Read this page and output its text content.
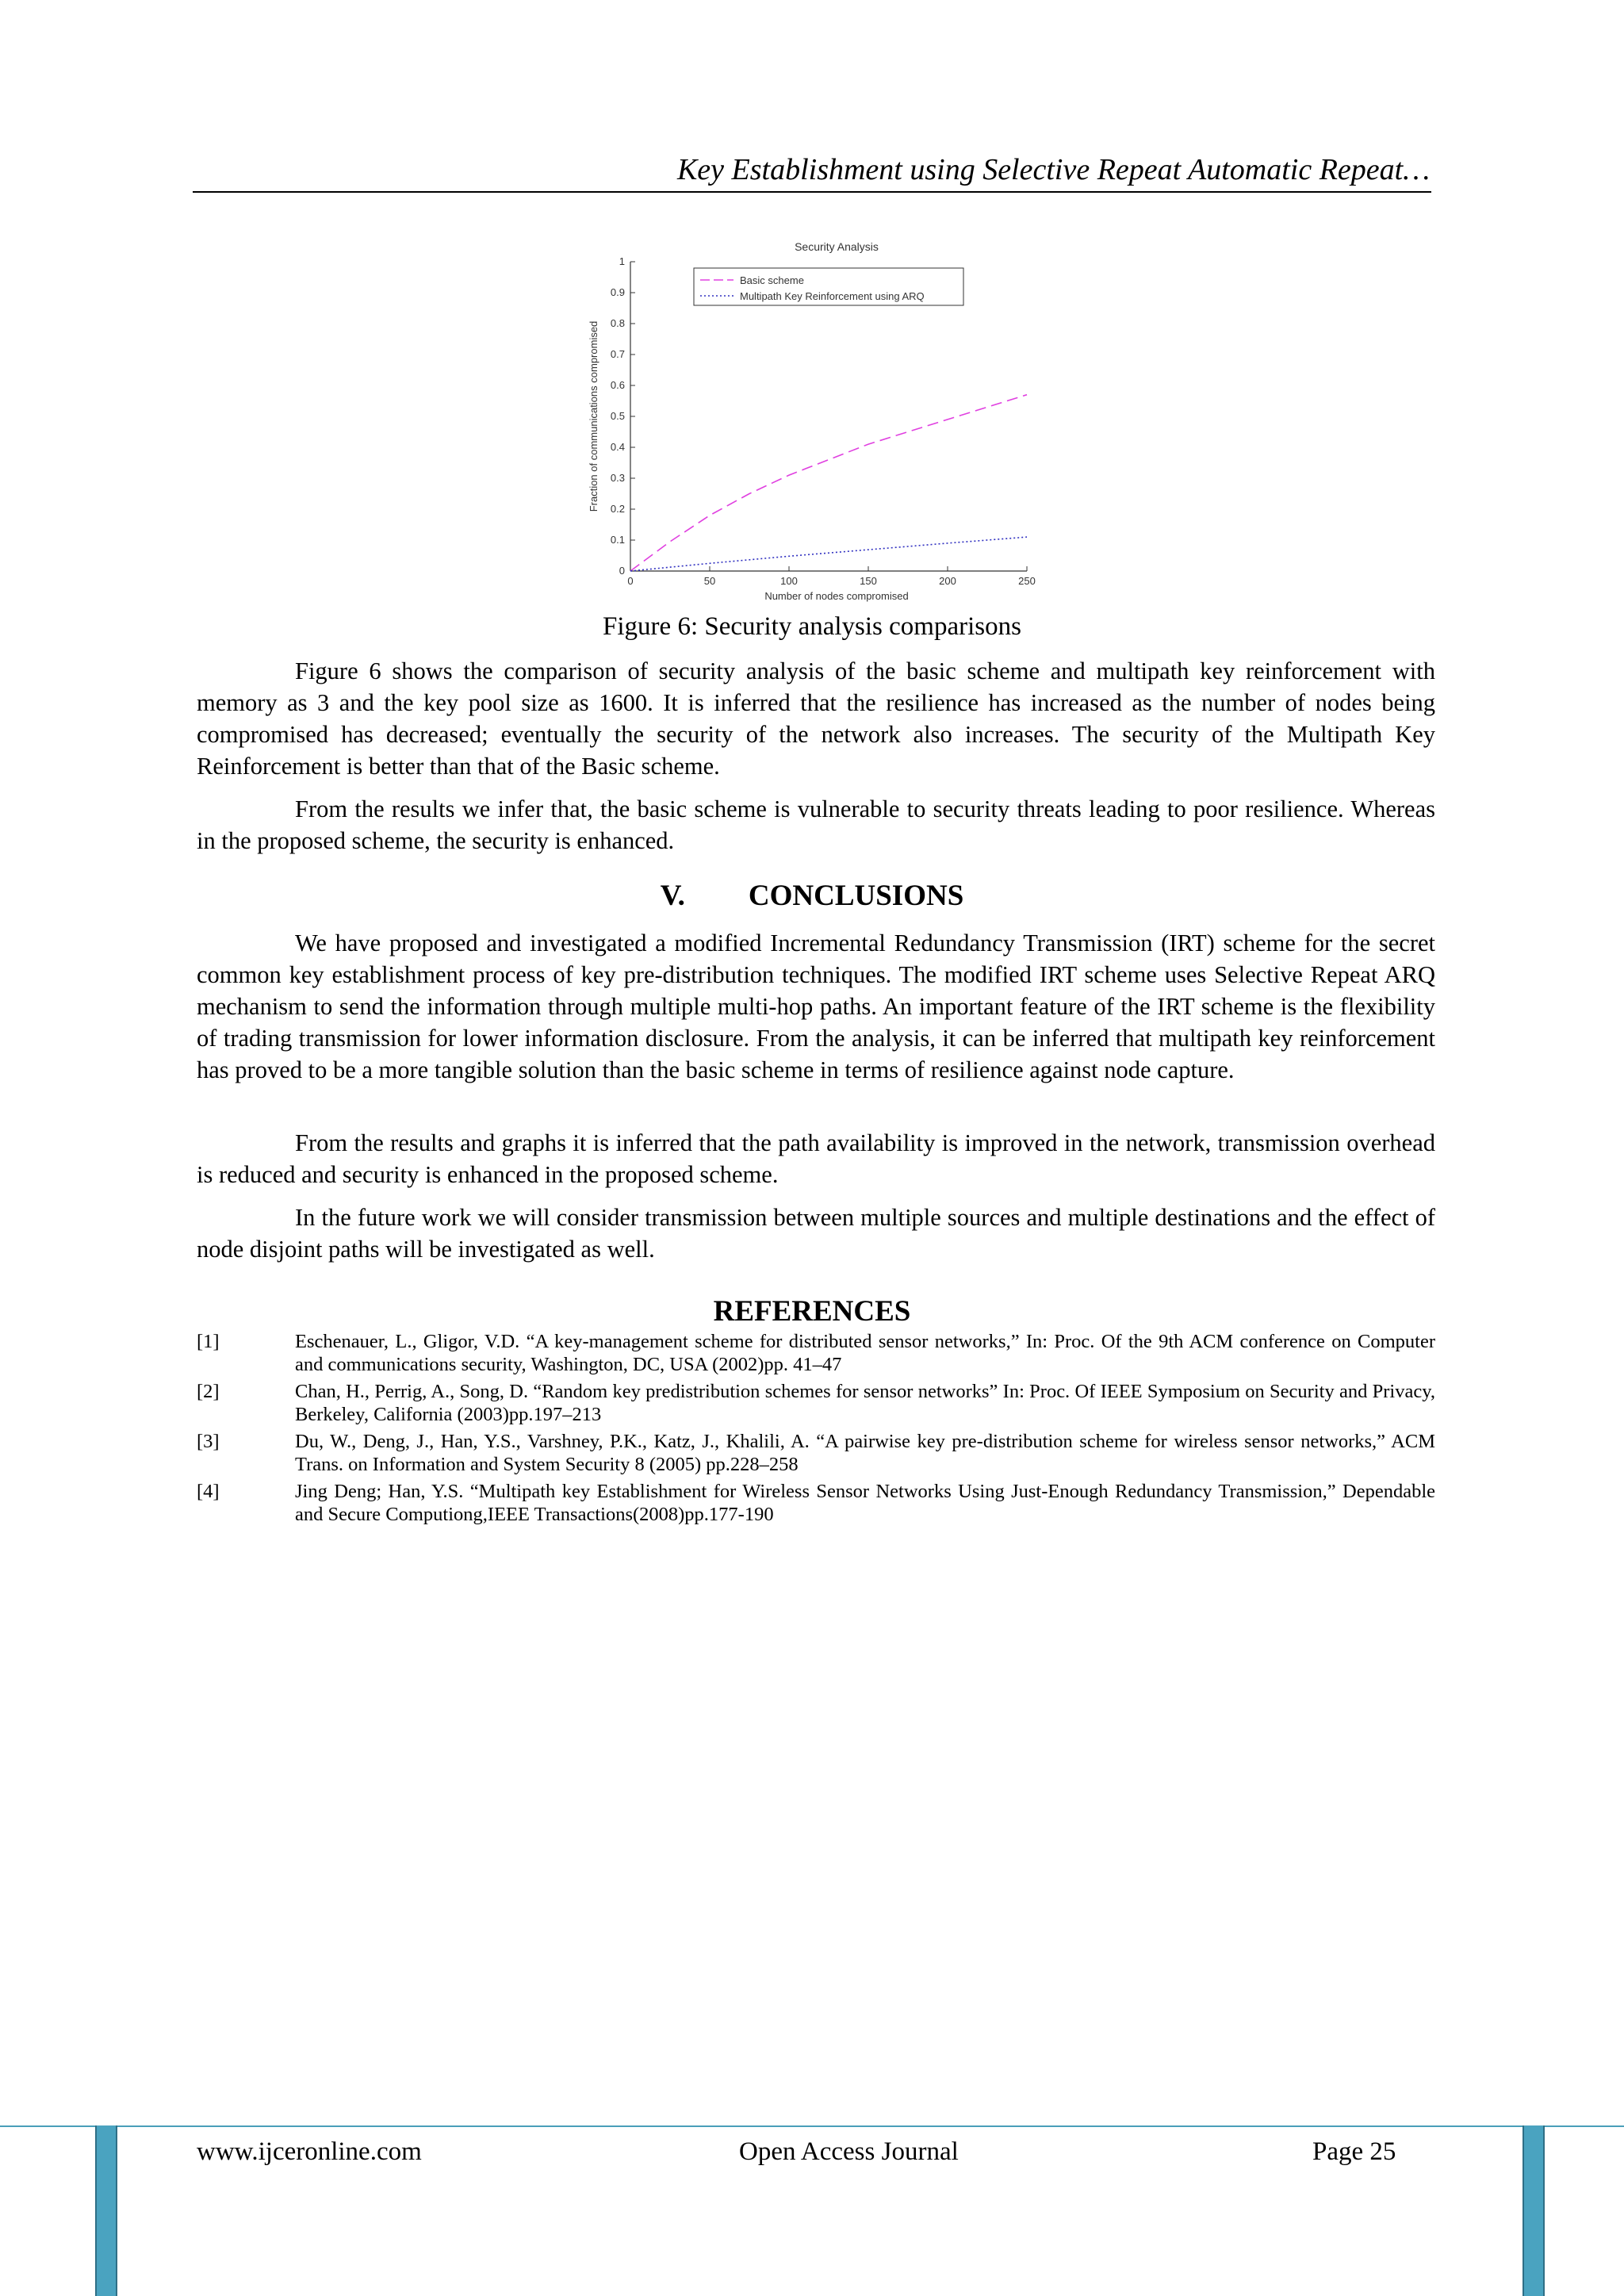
Key Establishment using Selective Repeat Automatic Repeat…
0	50	100	150	200	250
0
0.1
0.2
0.3
0.4
0.5
0.6
0.7
0.8
0.9
1
Security Analysis
Number of nodes compromised
Fraction of communications compromised
Basic scheme
Multipath Key Reinforcement using ARQ
Figure 6: Security analysis comparisons

Figure 6 shows the comparison of security analysis of the basic scheme and multipath key reinforcement with memory as 3 and the key pool size as 1600. It is inferred that the resilience has increased as the number of nodes being compromised has decreased; eventually the security of the network also increases. The security of the Multipath Key Reinforcement is better than that of the Basic scheme.

From the results we infer that, the basic scheme is vulnerable to security threats leading to poor resilience. Whereas in the proposed scheme, the security is enhanced.

V. CONCLUSIONS

We have proposed and investigated a modified Incremental Redundancy Transmission (IRT) scheme for the secret common key establishment process of key pre-distribution techniques. The modified IRT scheme uses Selective Repeat ARQ mechanism to send the information through multiple multi-hop paths. An important feature of the IRT scheme is the flexibility of trading transmission for lower information disclosure. From the analysis, it can be inferred that multipath key reinforcement has proved to be a more tangible solution than the basic scheme in terms of resilience against node capture.

From the results and graphs it is inferred that the path availability is improved in the network, transmission overhead is reduced and security is enhanced in the proposed scheme.

In the future work we will consider transmission between multiple sources and multiple destinations and the effect of node disjoint paths will be investigated as well.

REFERENCES
[1]	Eschenauer, L., Gligor, V.D. “A key-management scheme for distributed sensor networks,” In: Proc. Of the 9th ACM conference on Computer and communications security, Washington, DC, USA (2002)pp. 41–47
[2]	Chan, H., Perrig, A., Song, D. “Random key predistribution schemes for sensor networks” In: Proc. Of IEEE Symposium on Security and Privacy, Berkeley, California (2003)pp.197–213
[3]	Du, W., Deng, J., Han, Y.S., Varshney, P.K., Katz, J., Khalili, A. “A pairwise key pre-distribution scheme for wireless sensor networks,” ACM Trans. on Information and System Security 8 (2005) pp.228–258
[4]	Jing Deng; Han, Y.S. “Multipath key Establishment for Wireless Sensor Networks Using Just-Enough Redundancy Transmission,” Dependable and Secure Computiong,IEEE Transactions(2008)pp.177-190
www.ijceronline.com	Open Access Journal	Page 25
